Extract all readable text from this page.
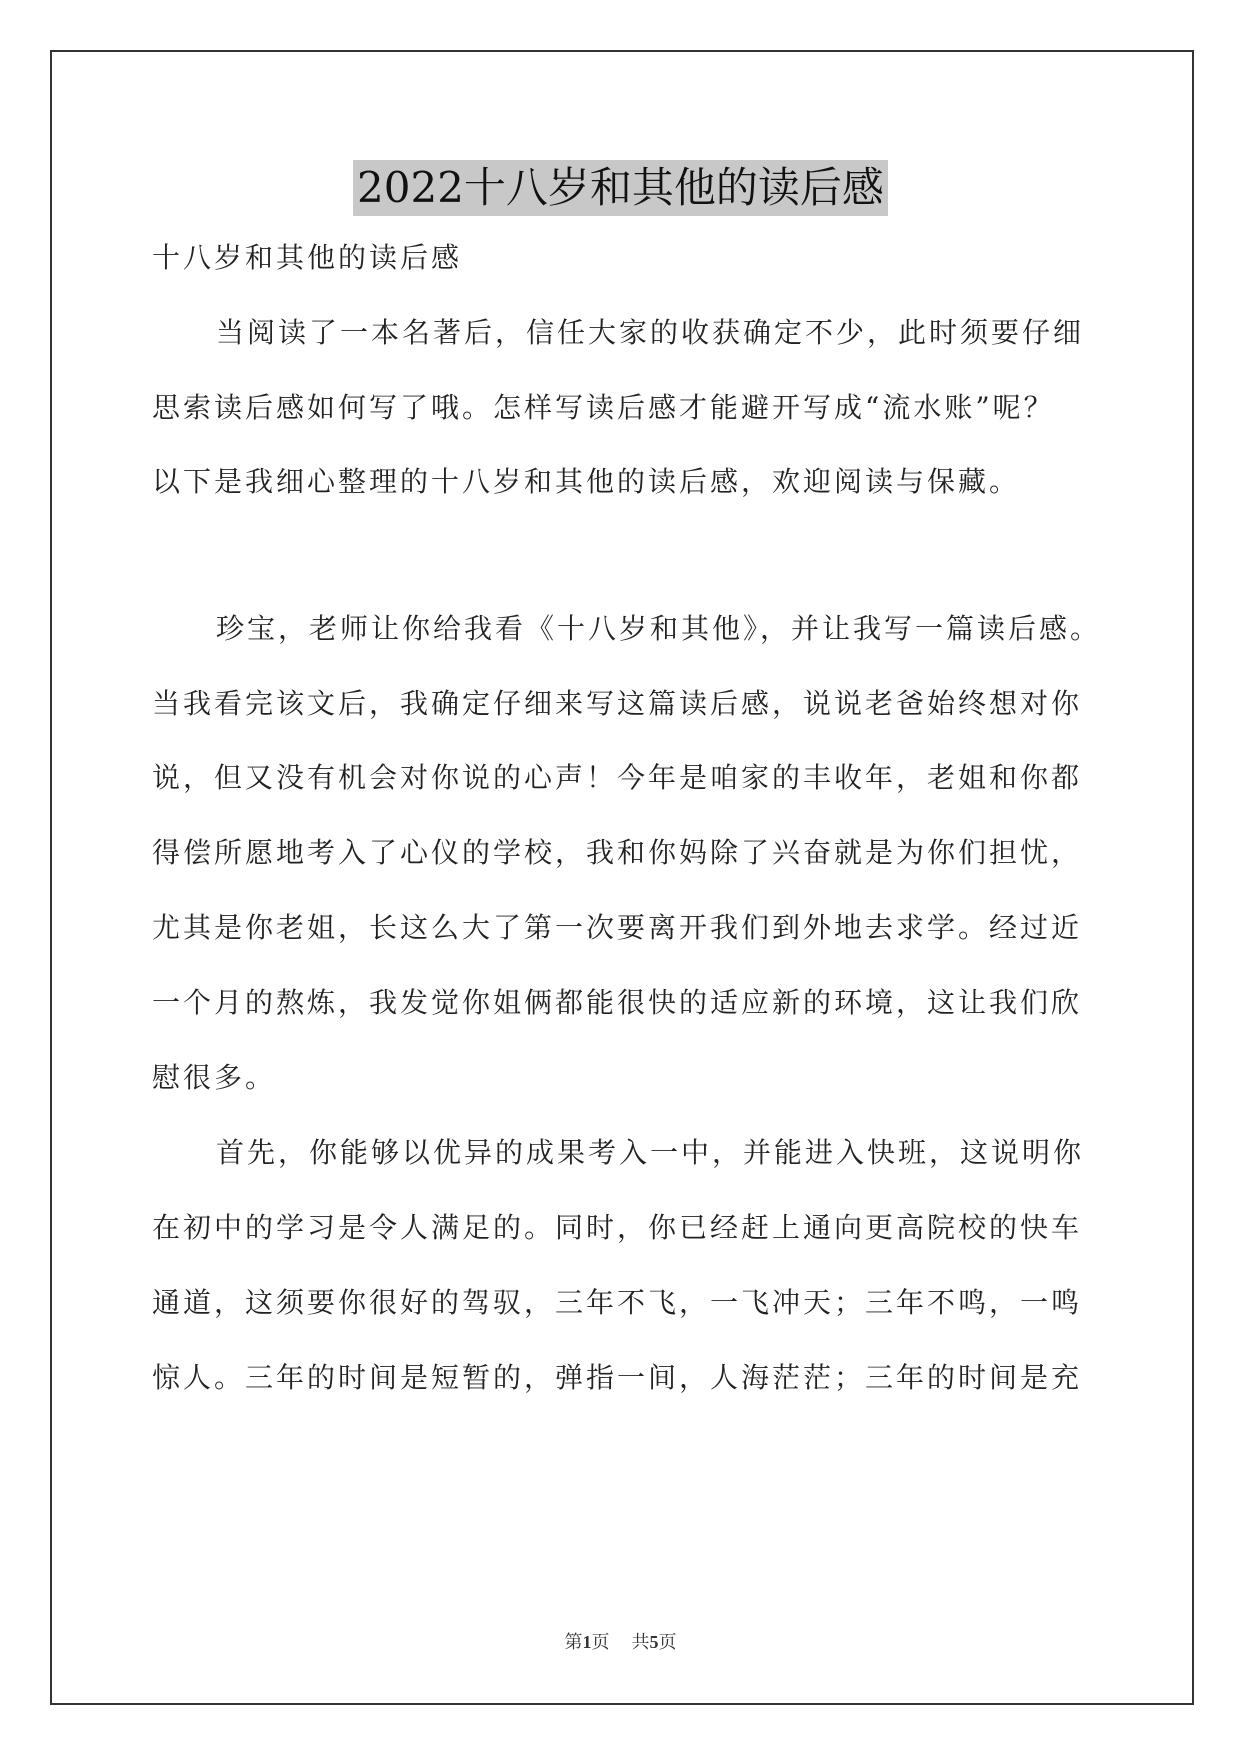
2022十八岁和其他的读后感
十八岁和其他的读后感
当阅读了一本名著后，信任大家的收获确定不少，此时须要仔细
思索读后感如何写了哦。怎样写读后感才能避开写成“流水账”呢？
以下是我细心整理的十八岁和其他的读后感，欢迎阅读与保藏。
珍宝，老师让你给我看《十八岁和其他》，并让我写一篇读后感。
当我看完该文后，我确定仔细来写这篇读后感，说说老爸始终想对你
说，但又没有机会对你说的心声！今年是咱家的丰收年，老姐和你都
得偿所愿地考入了心仪的学校，我和你妈除了兴奋就是为你们担忧，
尤其是你老姐，长这么大了第一次要离开我们到外地去求学。经过近
一个月的熬炼，我发觉你姐俩都能很快的适应新的环境，这让我们欣
慰很多。
首先，你能够以优异的成果考入一中，并能进入快班，这说明你
在初中的学习是令人满足的。同时，你已经赶上通向更高院校的快车
通道，这须要你很好的驾驭，三年不飞，一飞冲天；三年不鸣，一鸣
惊人。三年的时间是短暂的，弹指一间，人海茫茫；三年的时间是充
第1页 共5页
